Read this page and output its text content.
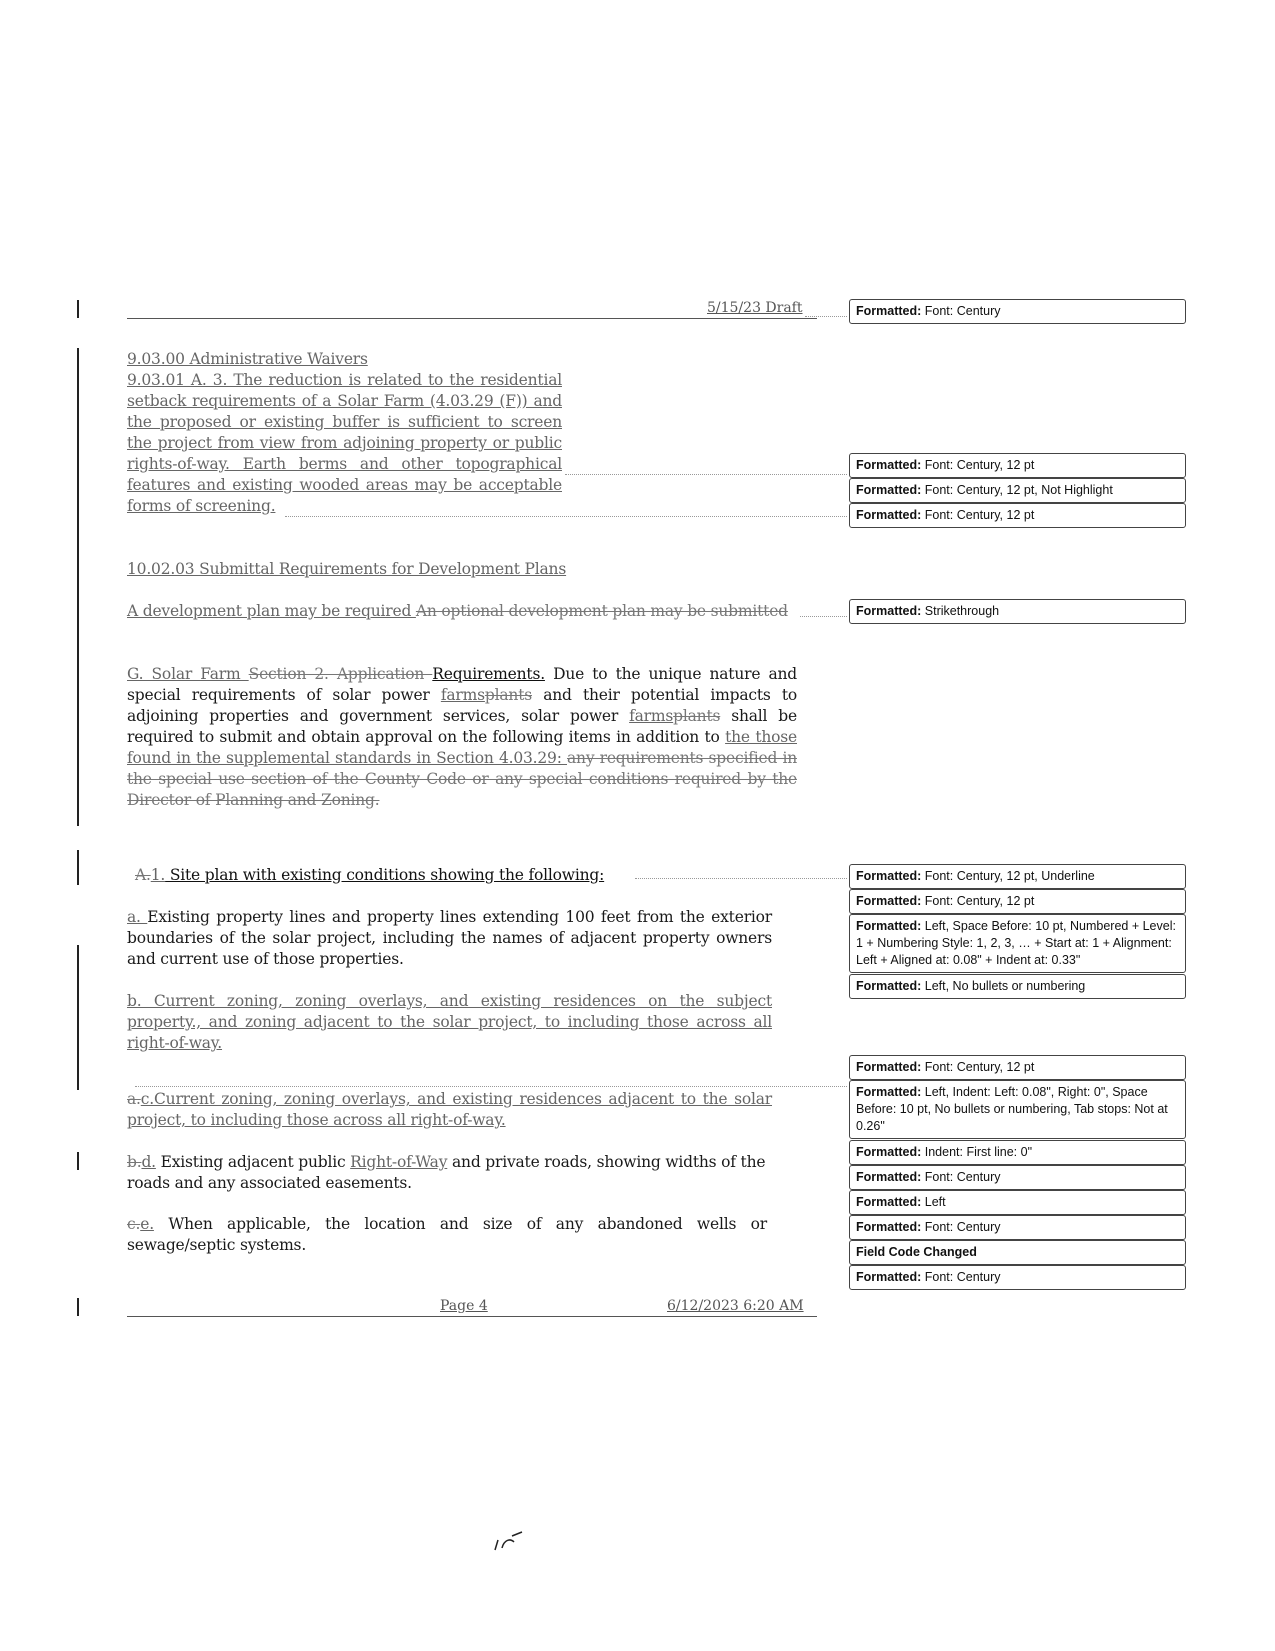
5/15/23 Draft
9.03.00 Administrative Waivers
9.03.01 A. 3. The reduction is related to the residential setback requirements of a Solar Farm (4.03.29 (F)) and the proposed or existing buffer is sufficient to screen the project from view from adjoining property or public rights-of-way. Earth berms and other topographical features and existing wooded areas may be acceptable forms of screening.
10.02.03 Submittal Requirements for Development Plans
A development plan may be required An optional development plan may be submitted
G. Solar Farm Section 2. Application Requirements. Due to the unique nature and special requirements of solar power farmsplants and their potential impacts to adjoining properties and government services, solar power farmsplants shall be required to submit and obtain approval on the following items in addition to the those found in the supplemental standards in Section 4.03.29: any requirements specified in the special use section of the County Code or any special conditions required by the Director of Planning and Zoning.
A.1. Site plan with existing conditions showing the following:
a. Existing property lines and property lines extending 100 feet from the exterior boundaries of the solar project, including the names of adjacent property owners and current use of those properties.
b. Current zoning, zoning overlays, and existing residences on the subject property., and zoning adjacent to the solar project, to including those across all right-of-way.
a.c.Current zoning, zoning overlays, and existing residences adjacent to the solar project, to including those across all right-of-way.
b.d. Existing adjacent public Right-of-Way and private roads, showing widths of the roads and any associated easements.
c.e. When applicable, the location and size of any abandoned wells or sewage/septic systems.
Page 4	6/12/2023 6:20 AM
Formatted: Font: Century
Formatted: Font: Century, 12 pt
Formatted: Font: Century, 12 pt, Not Highlight
Formatted: Font: Century, 12 pt
Formatted: Strikethrough
Formatted: Font: Century, 12 pt, Underline
Formatted: Font: Century, 12 pt
Formatted: Left, Space Before: 10 pt, Numbered + Level: 1 + Numbering Style: 1, 2, 3, … + Start at: 1 + Alignment: Left + Aligned at: 0.08" + Indent at: 0.33"
Formatted: Left, No bullets or numbering
Formatted: Font: Century, 12 pt
Formatted: Left, Indent: Left: 0.08", Right: 0", Space Before: 10 pt, No bullets or numbering, Tab stops: Not at 0.26"
Formatted: Indent: First line: 0"
Formatted: Font: Century
Formatted: Left
Formatted: Font: Century
Field Code Changed
Formatted: Font: Century
